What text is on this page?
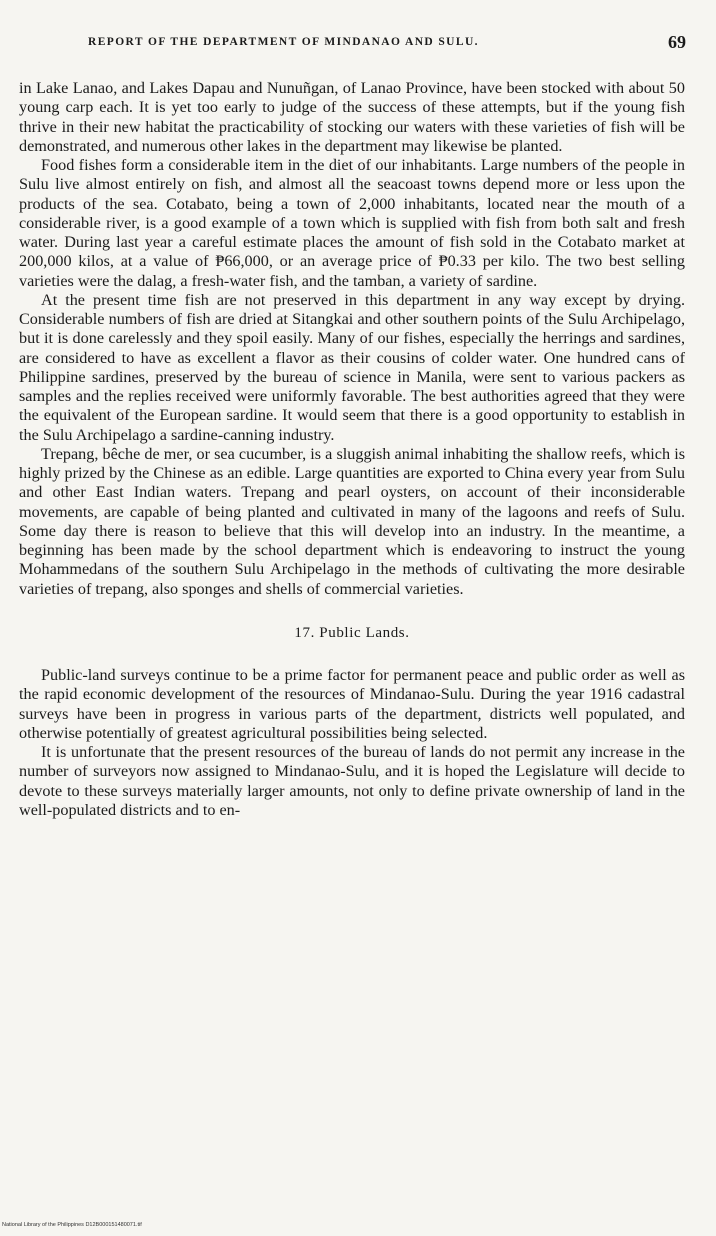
REPORT OF THE DEPARTMENT OF MINDANAO AND SULU.	69

in Lake Lanao, and Lakes Dapau and Nunuñgan, of Lanao Province, have been stocked with about 50 young carp each. It is yet too early to judge of the success of these attempts, but if the young fish thrive in their new habitat the practicability of stocking our waters with these varieties of fish will be demonstrated, and numerous other lakes in the department may likewise be planted.

Food fishes form a considerable item in the diet of our inhabitants. Large numbers of the people in Sulu live almost entirely on fish, and almost all the seacoast towns depend more or less upon the products of the sea. Cotabato, being a town of 2,000 inhabitants, located near the mouth of a considerable river, is a good example of a town which is supplied with fish from both salt and fresh water. During last year a careful estimate places the amount of fish sold in the Cotabato market at 200,000 kilos, at a value of ₱66,000, or an average price of ₱0.33 per kilo. The two best selling varieties were the dalag, a fresh-water fish, and the tamban, a variety of sardine.

At the present time fish are not preserved in this department in any way except by drying. Considerable numbers of fish are dried at Sitangkai and other southern points of the Sulu Archipelago, but it is done carelessly and they spoil easily. Many of our fishes, especially the herrings and sardines, are considered to have as excellent a flavor as their cousins of colder water. One hundred cans of Philippine sardines, preserved by the bureau of science in Manila, were sent to various packers as samples and the replies received were uniformly favorable. The best authorities agreed that they were the equivalent of the European sardine. It would seem that there is a good opportunity to establish in the Sulu Archipelago a sardine-canning industry.

Trepang, bêche de mer, or sea cucumber, is a sluggish animal inhabiting the shallow reefs, which is highly prized by the Chinese as an edible. Large quantities are exported to China every year from Sulu and other East Indian waters. Trepang and pearl oysters, on account of their inconsiderable movements, are capable of being planted and cultivated in many of the lagoons and reefs of Sulu. Some day there is reason to believe that this will develop into an industry. In the meantime, a beginning has been made by the school department which is endeavoring to instruct the young Mohammedans of the southern Sulu Archipelago in the methods of cultivating the more desirable varieties of trepang, also sponges and shells of commercial varieties.

17. Public Lands.

Public-land surveys continue to be a prime factor for permanent peace and public order as well as the rapid economic development of the resources of Mindanao-Sulu. During the year 1916 cadastral surveys have been in progress in various parts of the department, districts well populated, and otherwise potentially of greatest agricultural possibilities being selected.

It is unfortunate that the present resources of the bureau of lands do not permit any increase in the number of surveyors now assigned to Mindanao-Sulu, and it is hoped the Legislature will decide to devote to these surveys materially larger amounts, not only to define private ownership of land in the well-populated districts and to en-

National Library of the Philippines D12B000151480071.tif
